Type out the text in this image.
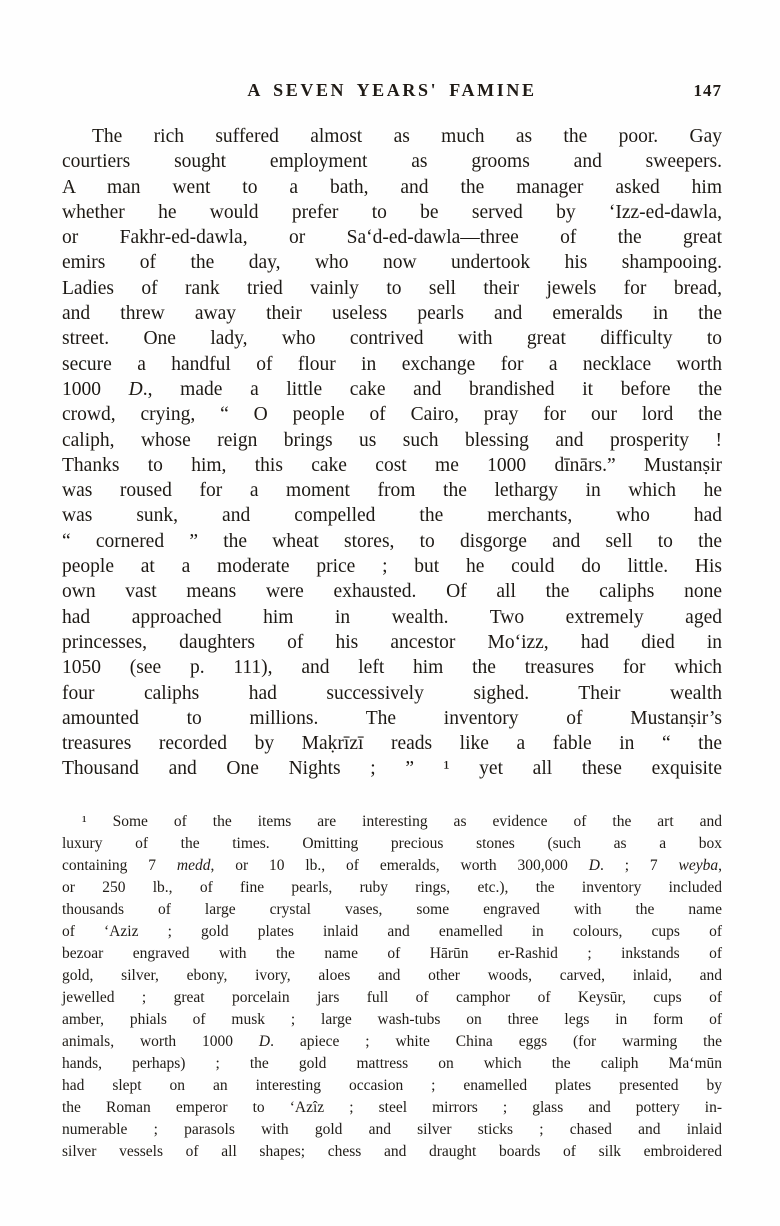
A SEVEN YEARS' FAMINE	147
The rich suffered almost as much as the poor. Gay
courtiers sought employment as grooms and sweepers.
A man went to a bath, and the manager asked him
whether he would prefer to be served by ‘Izz-ed-dawla,
or Fakhr-ed-dawla, or Sa‘d-ed-dawla—three of the great
emirs of the day, who now undertook his shampooing.
Ladies of rank tried vainly to sell their jewels for bread,
and threw away their useless pearls and emeralds in the
street. One lady, who contrived with great difficulty to
secure a handful of flour in exchange for a necklace worth
1000 D., made a little cake and brandished it before the
crowd, crying, “ O people of Cairo, pray for our lord the
caliph, whose reign brings us such blessing and prosperity !
Thanks to him, this cake cost me 1000 dīnārs.” Mustanṣir
was roused for a moment from the lethargy in which he
was sunk, and compelled the merchants, who had
“ cornered ” the wheat stores, to disgorge and sell to the
people at a moderate price ; but he could do little. His
own vast means were exhausted. Of all the caliphs none
had approached him in wealth. Two extremely aged
princesses, daughters of his ancestor Mo‘izz, had died in
1050 (see p. 111), and left him the treasures for which
four caliphs had successively sighed. Their wealth
amounted to millions. The inventory of Mustanṣir’s
treasures recorded by Maḳrīzī reads like a fable in “ the
Thousand and One Nights ; ” ¹ yet all these exquisite
¹ Some of the items are interesting as evidence of the art and
luxury of the times. Omitting precious stones (such as a box
containing 7 medd, or 10 lb., of emeralds, worth 300,000 D. ; 7 weyba,
or 250 lb., of fine pearls, ruby rings, etc.), the inventory included
thousands of large crystal vases, some engraved with the name
of ‘Aziz ; gold plates inlaid and enamelled in colours, cups of
bezoar engraved with the name of Hārūn er-Rashid ; inkstands of
gold, silver, ebony, ivory, aloes and other woods, carved, inlaid, and
jewelled ; great porcelain jars full of camphor of Keysūr, cups of
amber, phials of musk ; large wash-tubs on three legs in form of
animals, worth 1000 D. apiece ; white China eggs (for warming the
hands, perhaps) ; the gold mattress on which the caliph Ma‘mūn
had slept on an interesting occasion ; enamelled plates presented by
the Roman emperor to ‘Azîz ; steel mirrors ; glass and pottery in-
numerable ; parasols with gold and silver sticks ; chased and inlaid
silver vessels of all shapes; chess and draught boards of silk embroidered
